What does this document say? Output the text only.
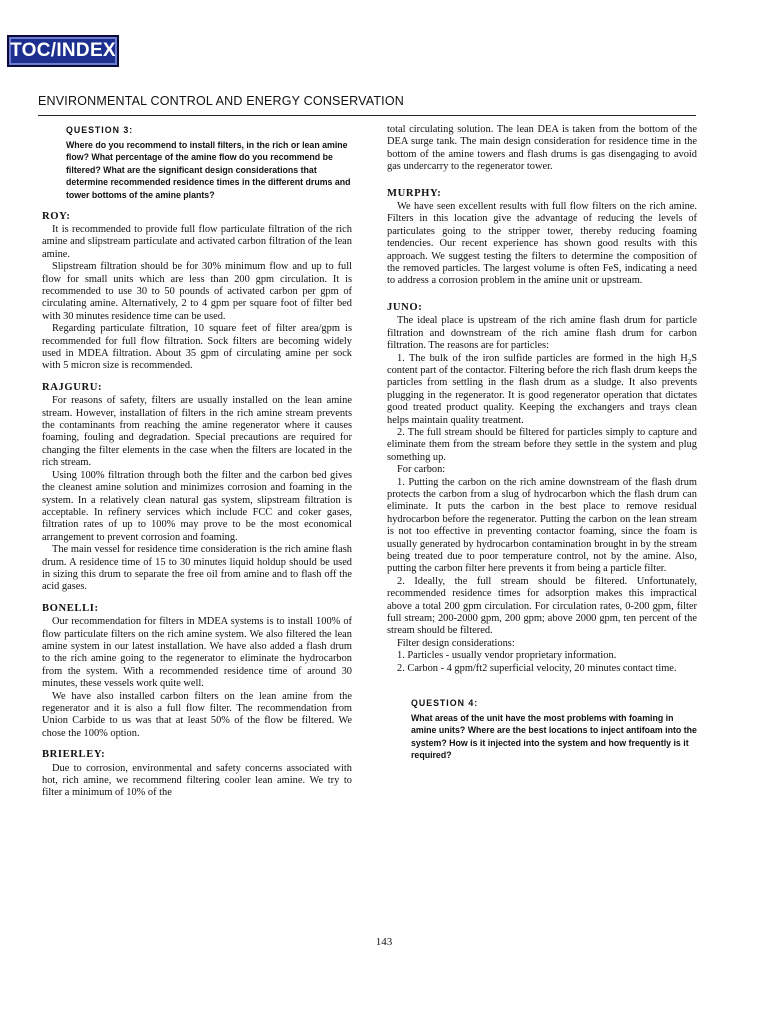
TOC/INDEX
ENVIRONMENTAL CONTROL AND ENERGY CONSERVATION
QUESTION 3:
Where do you recommend to install filters, in the rich or lean amine flow? What percentage of the amine flow do you recommend be filtered? What are the significant design considerations that determine recommended residence times in the different drums and tower bottoms of the amine plants?
ROY:

It is recommended to provide full flow particulate filtration of the rich amine and slipstream particulate and activated carbon filtration of the lean amine.

Slipstream filtration should be for 30% minimum flow and up to full flow for small units which are less than 200 gpm circulation. It is recommended to use 30 to 50 pounds of activated carbon per gpm of circulating amine. Alternatively, 2 to 4 gpm per square foot of filter bed with 30 minutes residence time can be used.

Regarding particulate filtration, 10 square feet of filter area/gpm is recommended for full flow filtration. Sock filters are becoming widely used in MDEA filtration. About 35 gpm of circulating amine per sock with 5 micron size is recommended.

RAJGURU:

For reasons of safety, filters are usually installed on the lean amine stream. However, installation of filters in the rich amine stream prevents the contaminants from reaching the amine regenerator where it causes foaming, fouling and degradation. Special precautions are required for changing the filter elements in the case when the filters are located in the rich stream.

Using 100% filtration through both the filter and the carbon bed gives the cleanest amine solution and minimizes corrosion and foaming in the system. In a relatively clean natural gas system, slipstream filtration is acceptable. In refinery services which include FCC and coker gases, filtration rates of up to 100% may prove to be the most economical arrangement to prevent corrosion and foaming.

The main vessel for residence time consideration is the rich amine flash drum. A residence time of 15 to 30 minutes liquid holdup should be used in sizing this drum to separate the free oil from amine and to flash off the acid gases.

BONELLI:

Our recommendation for filters in MDEA systems is to install 100% of flow particulate filters on the rich amine system. We also filtered the lean amine system in our latest installation. We have also added a flash drum to the rich amine going to the regenerator to eliminate the hydrocarbon from the system. With a recommended residence time of around 30 minutes, these vessels work quite well.

We have also installed carbon filters on the lean amine from the regenerator and it is also a full flow filter. The recommendation from Union Carbide to us was that at least 50% of the flow be filtered. We chose the 100% option.

BRIERLEY:

Due to corrosion, environmental and safety concerns associated with hot, rich amine, we recommend filtering cooler lean amine. We try to filter a minimum of 10% of the

total circulating solution. The lean DEA is taken from the bottom of the DEA surge tank. The main design consideration for residence time in the bottom of the amine towers and flash drums is gas disengaging to avoid gas undercarry to the regenerator tower.

MURPHY:

We have seen excellent results with full flow filters on the rich amine. Filters in this location give the advantage of reducing the levels of particulates going to the stripper tower, thereby reducing foaming tendencies. Our recent experience has shown good results with this approach. We suggest testing the filters to determine the composition of the removed particles. The largest volume is often FeS, indicating a need to address a corrosion problem in the amine unit or upstream.

JUNO:

The ideal place is upstream of the rich amine flash drum for particle filtration and downstream of the rich amine flash drum for carbon filtration. The reasons are for particles:

1. The bulk of the iron sulfide particles are formed in the high $H_2S$ content part of the contactor. Filtering before the rich flash drum keeps the particles from settling in the flash drum as a sludge. It also prevents plugging in the regenerator. It is good regenerator operation that dictates good treated product quality. Keeping the exchangers and trays clean helps maintain quality treatment.

2. The full stream should be filtered for particles simply to capture and eliminate them from the stream before they settle in the system and plug something up.

For carbon:

1. Putting the carbon on the rich amine downstream of the flash drum protects the carbon from a slug of hydrocarbon which the flash drum can eliminate. It puts the carbon in the best place to remove residual hydrocarbon before the regenerator. Putting the carbon on the lean stream is not too effective in preventing contactor foaming, since the foam is usually generated by hydrocarbon contamination brought in by the stream being treated due to poor temperature control, not by the amine. Also, putting the carbon filter here prevents it from being a particle filter.

2. Ideally, the full stream should be filtered. Unfortunately, recommended residence times for adsorption makes this impractical above a total 200 gpm circulation. For circulation rates, 0-200 gpm, filter full stream; 200-2000 gpm, 200 gpm; above 2000 gpm, ten percent of the stream should be filtered.

Filter design considerations:

1. Particles - usually vendor proprietary information.

2. Carbon - 4 gpm/ft2 superficial velocity, 20 minutes contact time.

QUESTION 4:
What areas of the unit have the most problems with foaming in amine units? Where are the best locations to inject antifoam into the system? How is it injected into the system and how frequently is it required?
143
